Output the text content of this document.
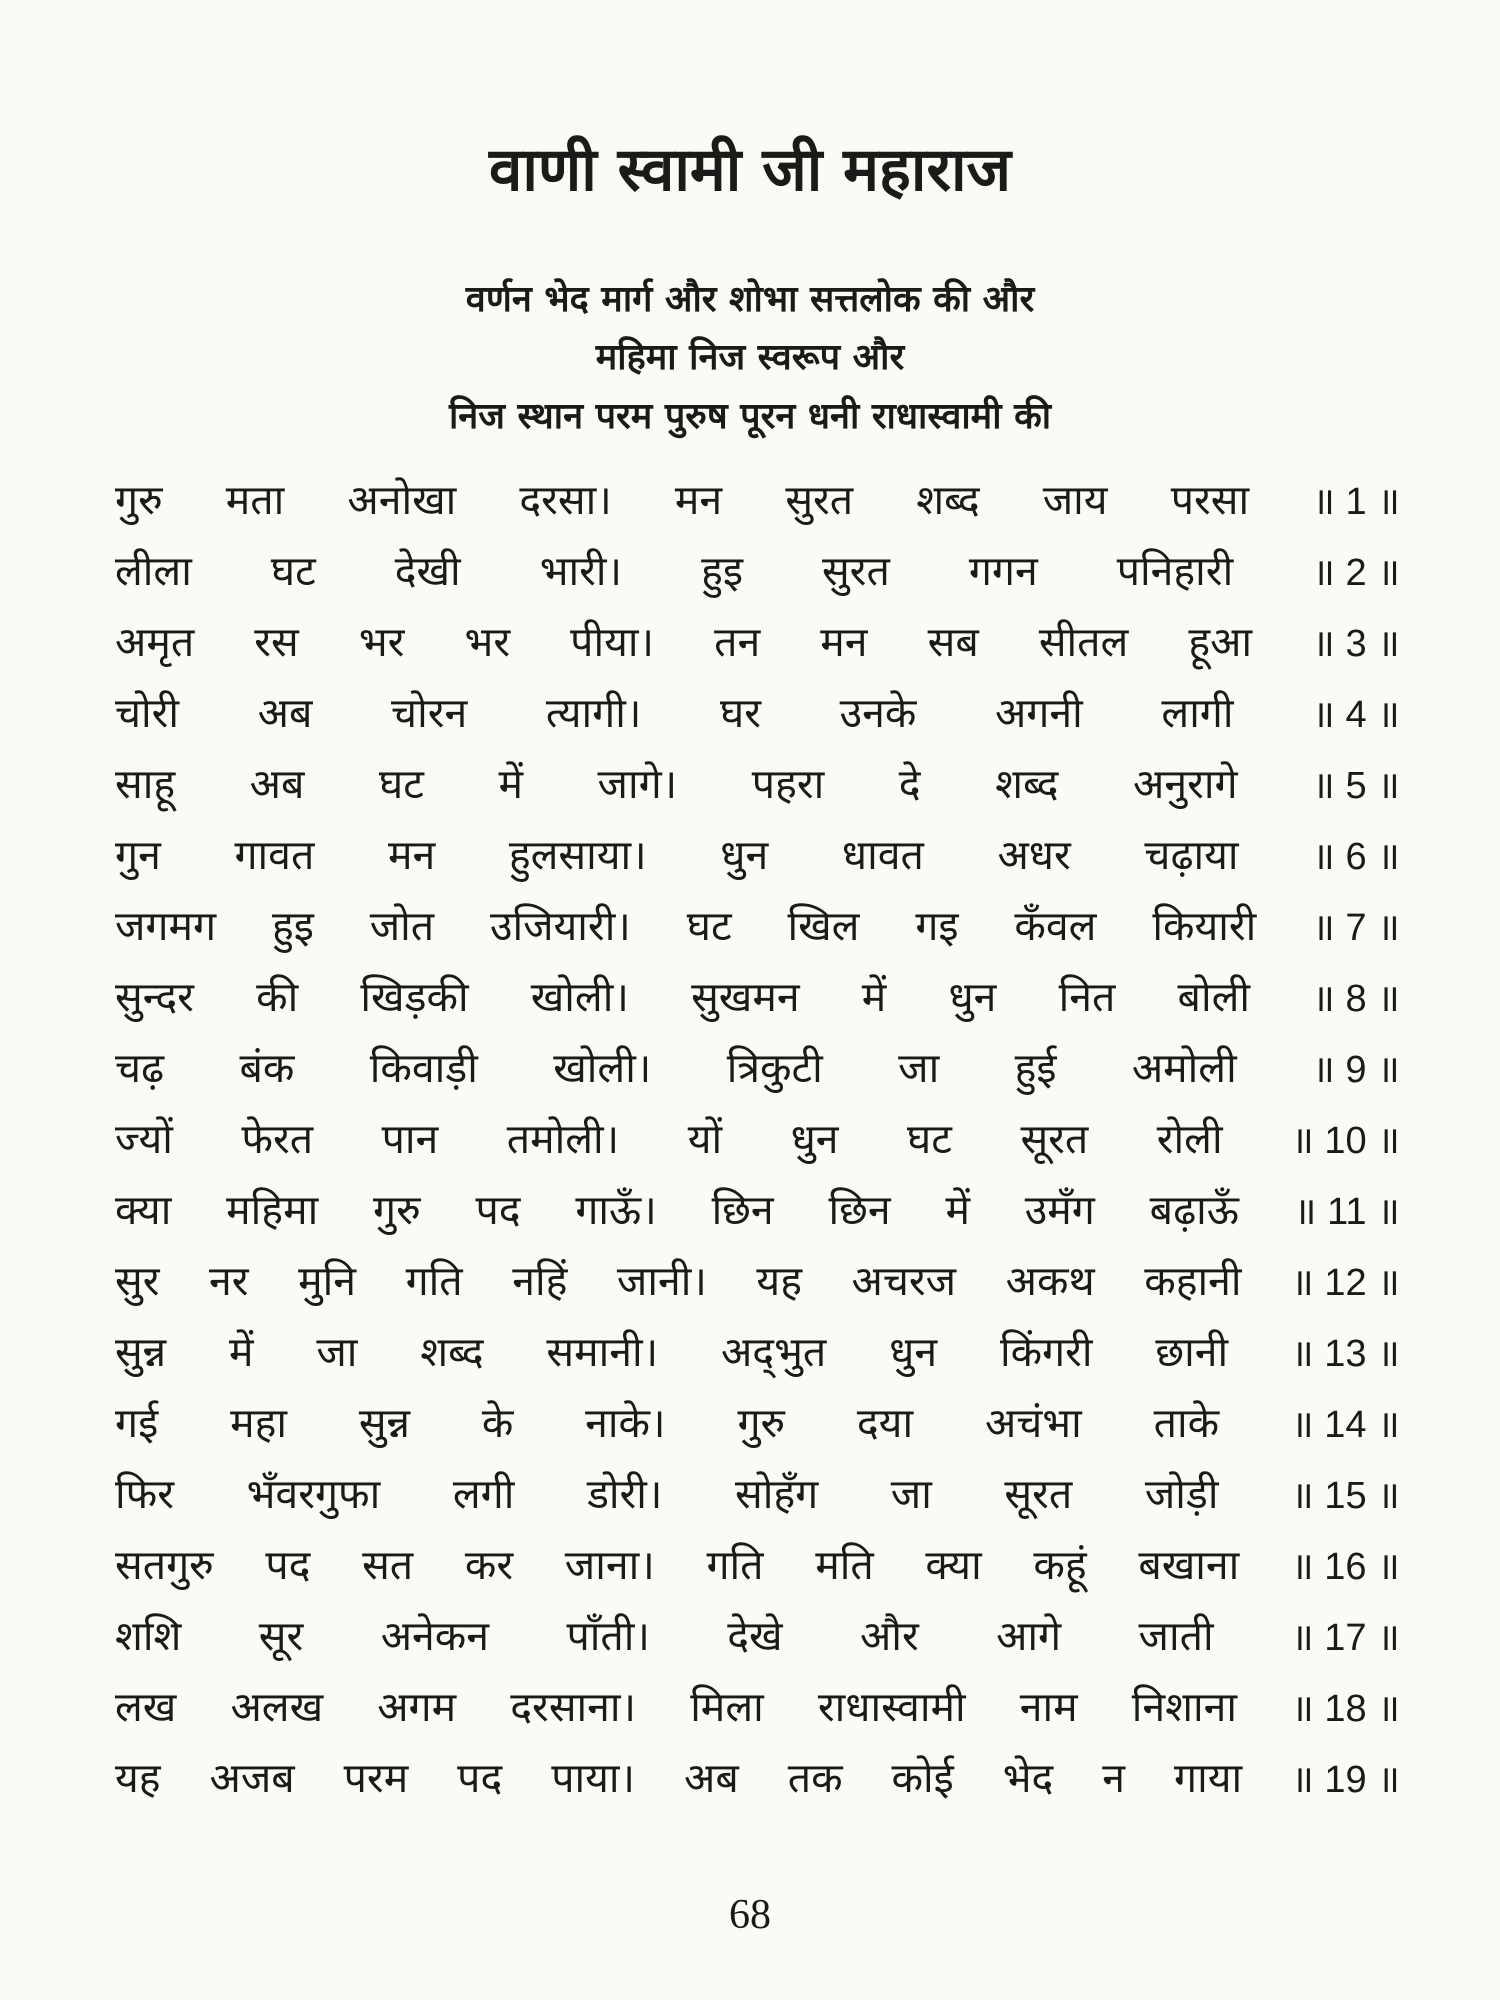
वाणी स्वामी जी महाराज

वर्णन भेद मार्ग और शोभा सत्तलोक की और

महिमा निज स्वरूप और

निज स्थान परम पुरुष पूरन धनी राधास्वामी की

गुरु मता अनोखा दरसा। मन सुरत शब्द जाय परसा ॥ 1 ॥
लीला घट देखी भारी। हुइ सुरत गगन पनिहारी ॥ 2 ॥
अमृत रस भर भर पीया। तन मन सब सीतल हूआ ॥ 3 ॥
चोरी अब चोरन त्यागी। घर उनके अगनी लागी ॥ 4 ॥
साहू अब घट में जागे। पहरा दे शब्द अनुरागे ॥ 5 ॥
गुन गावत मन हुलसाया। धुन धावत अधर चढ़ाया ॥ 6 ॥
जगमग हुइ जोत उजियारी। घट खिल गइ कँवल कियारी ॥ 7 ॥
सुन्दर की खिड़की खोली। सुखमन में धुन नित बोली ॥ 8 ॥
चढ़ बंक किवाड़ी खोली। त्रिकुटी जा हुई अमोली ॥ 9 ॥
ज्यों फेरत पान तमोली। यों धुन घट सूरत रोली ॥ 10 ॥
क्या महिमा गुरु पद गाऊँ। छिन छिन में उमँग बढ़ाऊँ ॥ 11 ॥
सुर नर मुनि गति नहिं जानी। यह अचरज अकथ कहानी ॥ 12 ॥
सुन्न में जा शब्द समानी। अद्‌भुत धुन किंगरी छानी ॥ 13 ॥
गई महा सुन्न के नाके। गुरु दया अचंभा ताके ॥ 14 ॥
फिर भँवरगुफा लगी डोरी। सोहँग जा सूरत जोड़ी ॥ 15 ॥
सतगुरु पद सत कर जाना। गति मति क्या कहूं बखाना ॥ 16 ॥
शशि सूर अनेकन पाँती। देखे और आगे जाती ॥ 17 ॥
लख अलख अगम दरसाना। मिला राधास्वामी नाम निशाना ॥ 18 ॥
यह अजब परम पद पाया। अब तक कोई भेद न गाया ॥ 19 ॥
68
